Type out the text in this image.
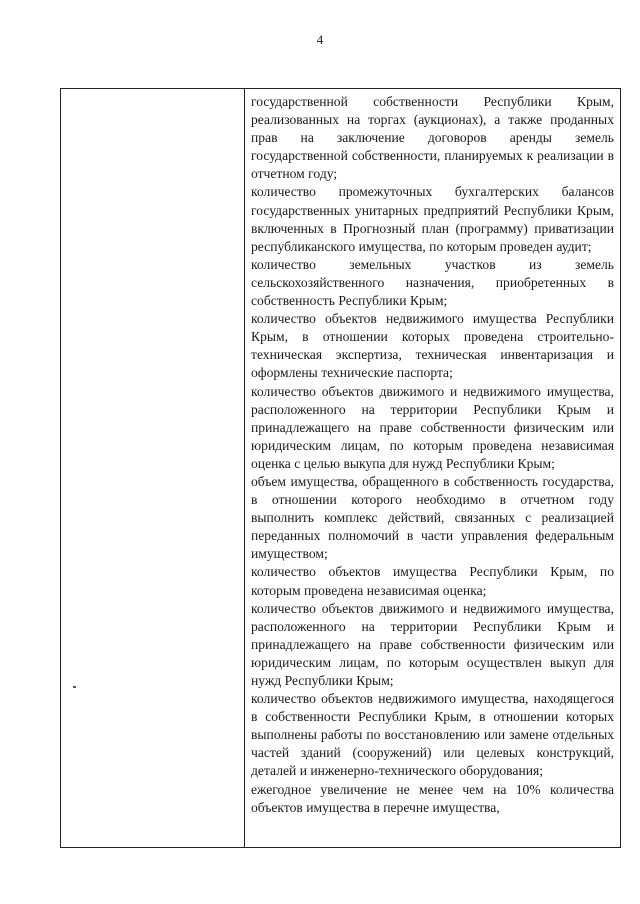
4

государственной собственности Республики Крым, реализованных на торгах (аукционах), а также проданных прав на заключение договоров аренды земель государственной собственности, планируемых к реализации в отчетном году;

количество промежуточных бухгалтерских балансов государственных унитарных предприятий Республики Крым, включенных в Прогнозный план (программу) приватизации республиканского имущества, по которым проведен аудит;

количество земельных участков из земель сельскохозяйственного назначения, приобретенных в собственность Республики Крым;

количество объектов недвижимого имущества Республики Крым, в отношении которых проведена строительно-техническая экспертиза, техническая инвентаризация и оформлены технические паспорта;

количество объектов движимого и недвижимого имущества, расположенного на территории Республики Крым и принадлежащего на праве собственности физическим или юридическим лицам, по которым проведена независимая оценка с целью выкупа для нужд Республики Крым;

объем имущества, обращенного в собственность государства, в отношении которого необходимо в отчетном году выполнить комплекс действий, связанных с реализацией переданных полномочий в части управления федеральным имуществом;

количество объектов имущества Республики Крым, по которым проведена независимая оценка;

количество объектов движимого и недвижимого имущества, расположенного на территории Республики Крым и принадлежащего на праве собственности физическим или юридическим лицам, по которым осуществлен выкуп для нужд Республики Крым;

количество объектов недвижимого имущества, находящегося в собственности Республики Крым, в отношении которых выполнены работы по восстановлению или замене отдельных частей зданий (сооружений) или целевых конструкций, деталей и инженерно-технического оборудования;

ежегодное увеличение не менее чем на 10% количества объектов имущества в перечне имущества,
